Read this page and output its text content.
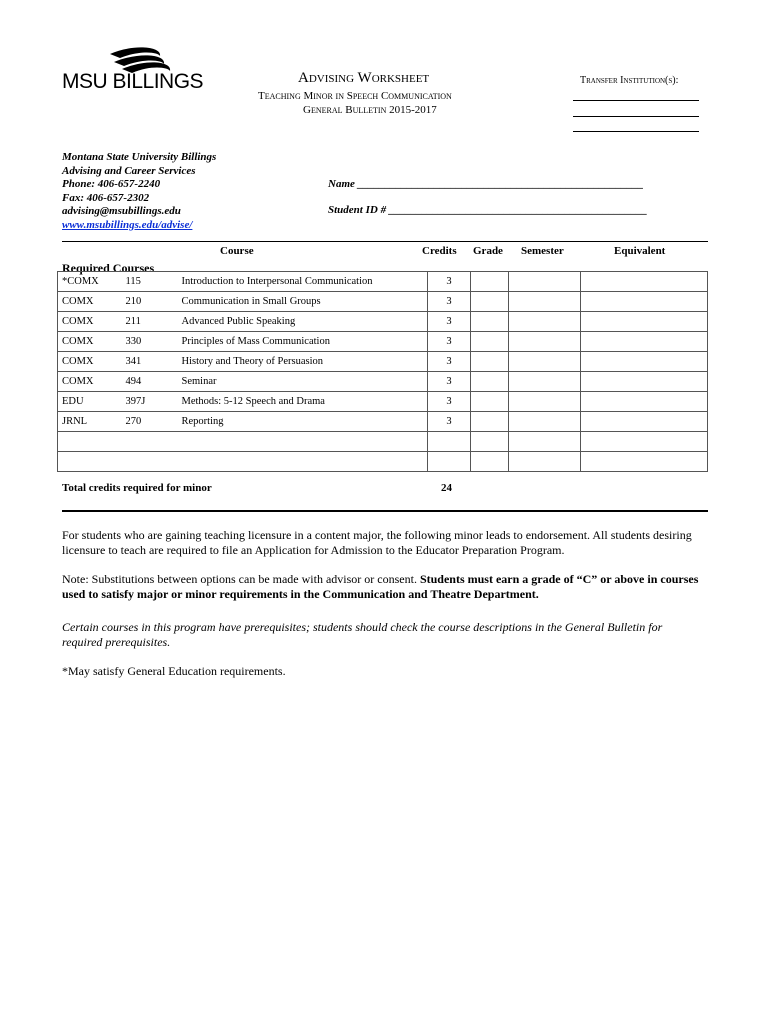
MSU BILLINGS	Advising Worksheet
Teaching Minor in Speech Communication
General Bulletin 2015-2017
Transfer Institution(s):
Montana State University Billings
Advising and Career Services
Phone: 406-657-2240
Fax: 406-657-2302
advising@msubillings.edu
www.msubillings.edu/advise/
Name ____________________________________________________
Student ID # _______________________________________________
Course	Credits Grade Semester	Equivalent
Required Courses
*COMX	115	Introduction to Interpersonal Communication	3			
COMX	210	Communication in Small Groups	3			
COMX	211	Advanced Public Speaking	3			
COMX	330	Principles of Mass Communication	3			
COMX	341	History and Theory of Persuasion	3			
COMX	494	Seminar	3			
EDU	397J	Methods: 5-12 Speech and Drama	3			
JRNL	270	Reporting	3			

Total credits required for minor	24
For students who are gaining teaching licensure in a content major, the following minor leads to endorsement. All students desiring licensure to teach are required to file an Application for Admission to the Educator Preparation Program.
Note: Substitutions between options can be made with advisor or consent. Students must earn a grade of “C” or above in courses used to satisfy major or minor requirements in the Communication and Theatre Department.
Certain courses in this program have prerequisites; students should check the course descriptions in the General Bulletin for required prerequisites.
*May satisfy General Education requirements.
